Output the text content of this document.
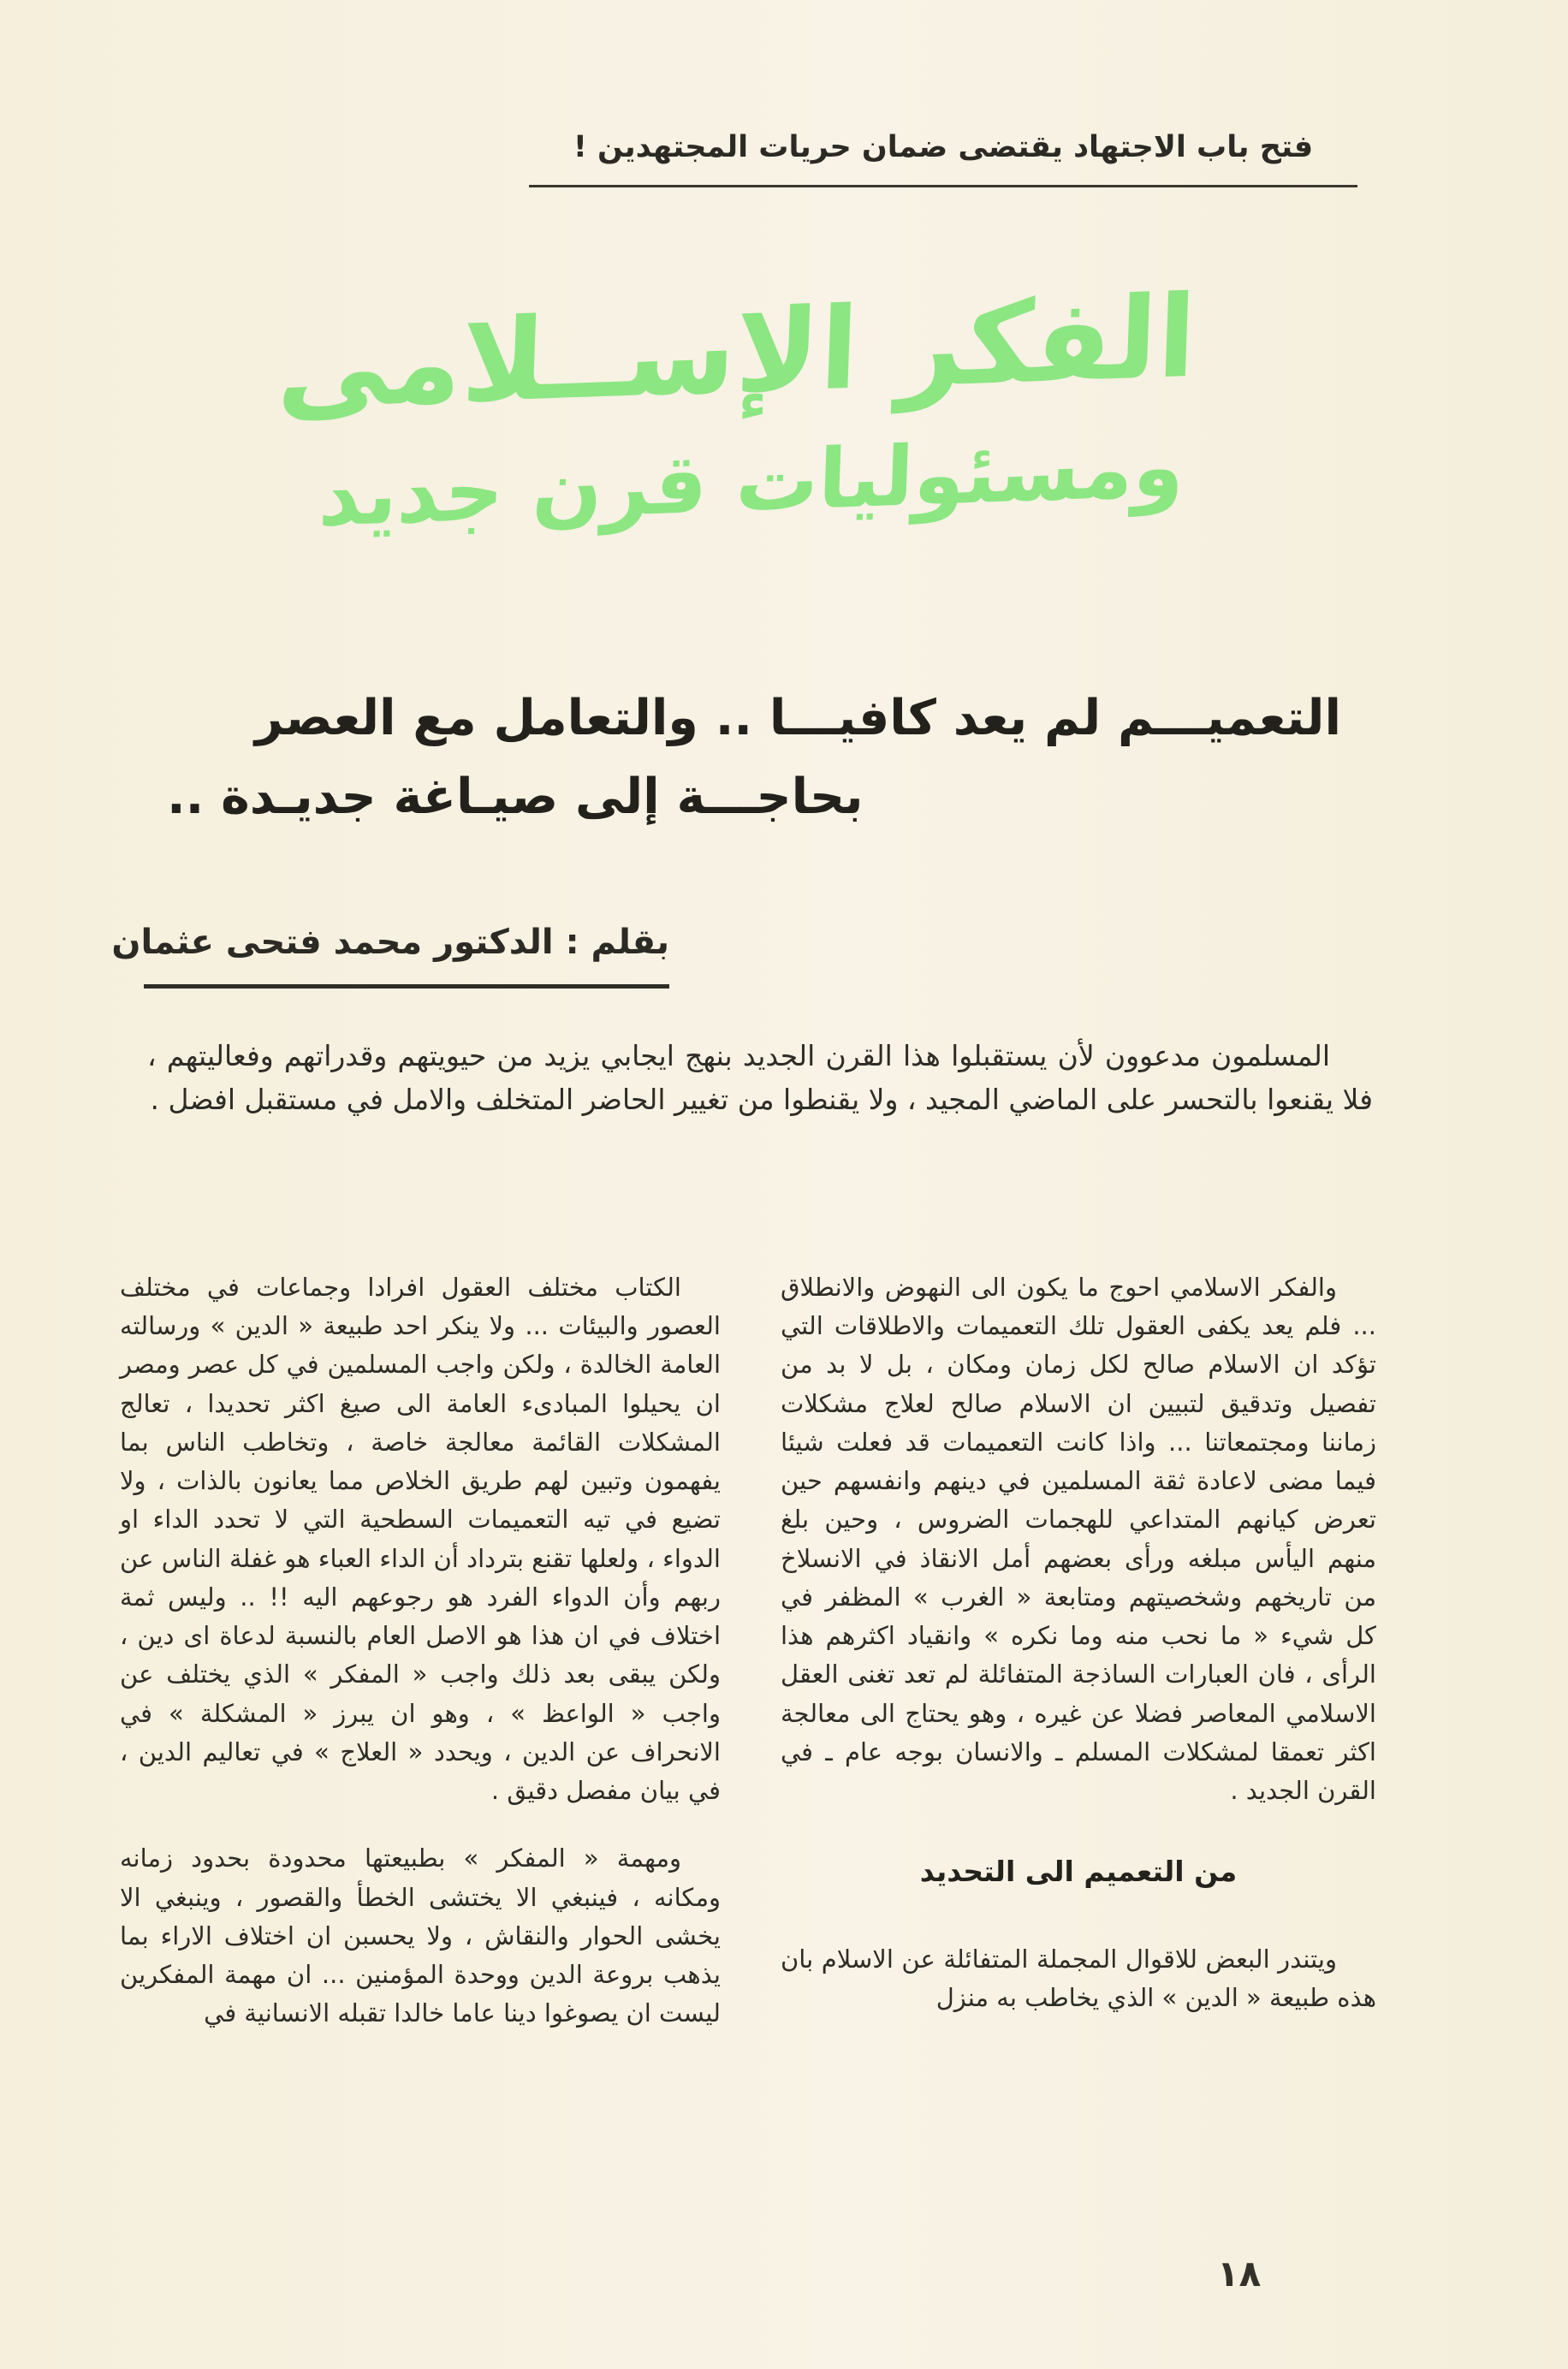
فتح باب الاجتهاد يقتضى ضمان حريات المجتهدين !
الفكر الإســلامى
ومسئوليات قرن جديد
التعميـــم لم يعد كافيـــا .. والتعامل مع العصر
بحاجـــة إلى صيـاغة جديـدة ..
بقلم : الدكتور محمد فتحى عثمان
المسلمون مدعوون لأن يستقبلوا هذا القرن الجديد بنهج ايجابي يزيد من حيويتهم وقدراتهم وفعاليتهم ، فلا يقنعوا بالتحسر على الماضي المجيد ، ولا يقنطوا من تغيير الحاضر المتخلف والامل في مستقبل افضل .

والفكر الاسلامي احوج ما يكون الى النهوض والانطلاق ... فلم يعد يكفى العقول تلك التعميمات والاطلاقات التي تؤكد ان الاسلام صالح لكل زمان ومكان ، بل لا بد من تفصيل وتدقيق لتبيين ان الاسلام صالح لعلاج مشكلات زماننا ومجتمعاتنا ... واذا كانت التعميمات قد فعلت شيئا فيما مضى لاعادة ثقة المسلمين في دينهم وانفسهم حين تعرض كيانهم المتداعي للهجمات الضروس ، وحين بلغ منهم اليأس مبلغه ورأى بعضهم أمل الانقاذ في الانسلاخ من تاريخهم وشخصيتهم ومتابعة « الغرب » المظفر في كل شيء « ما نحب منه وما نكره » وانقياد اكثرهم هذا الرأى ، فان العبارات الساذجة المتفائلة لم تعد تغنى العقل الاسلامي المعاصر فضلا عن غيره ، وهو يحتاج الى معالجة اكثر تعمقا لمشكلات المسلم ـ والانسان بوجه عام ـ في القرن الجديد .

من التعميم الى التحديد

ويتندر البعض للاقوال المجملة المتفائلة عن الاسلام بان هذه طبيعة « الدين » الذي يخاطب به منزل

الكتاب مختلف العقول افرادا وجماعات في مختلف العصور والبيئات ... ولا ينكر احد طبيعة « الدين » ورسالته العامة الخالدة ، ولكن واجب المسلمين في كل عصر ومصر ان يحيلوا المبادىء العامة الى صيغ اكثر تحديدا ، تعالج المشكلات القائمة معالجة خاصة ، وتخاطب الناس بما يفهمون وتبين لهم طريق الخلاص مما يعانون بالذات ، ولا تضيع في تيه التعميمات السطحية التي لا تحدد الداء او الدواء ، ولعلها تقنع بترداد أن الداء العباء هو غفلة الناس عن ربهم وأن الدواء الفرد هو رجوعهم اليه !! .. وليس ثمة اختلاف في ان هذا هو الاصل العام بالنسبة لدعاة اى دين ، ولكن يبقى بعد ذلك واجب « المفكر » الذي يختلف عن واجب « الواعظ » ، وهو ان يبرز « المشكلة » في الانحراف عن الدين ، ويحدد « العلاج » في تعاليم الدين ، في بيان مفصل دقيق .

ومهمة « المفكر » بطبيعتها محدودة بحدود زمانه ومكانه ، فينبغي الا يختشى الخطأ والقصور ، وينبغي الا يخشى الحوار والنقاش ، ولا يحسبن ان اختلاف الاراء بما يذهب بروعة الدين ووحدة المؤمنين ... ان مهمة المفكرين ليست ان يصوغوا دينا عاما خالدا تقبله الانسانية في

١٨
